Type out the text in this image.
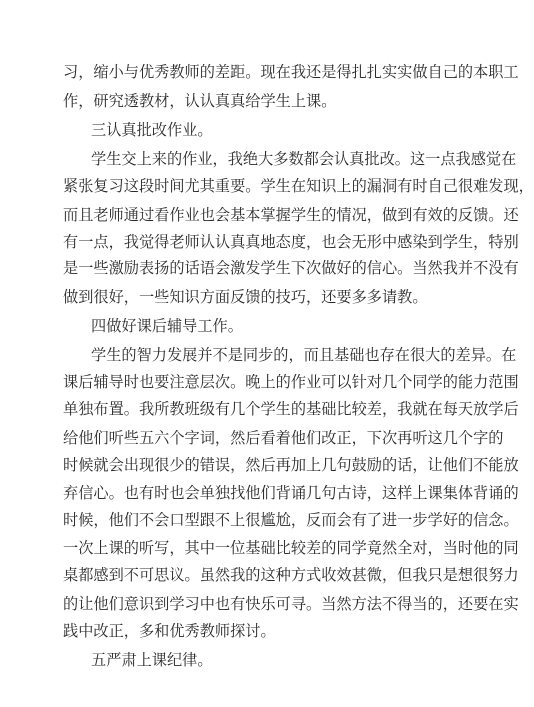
习，缩小与优秀教师的差距。现在我还是得扎扎实实做自己的本职工
作，研究透教材，认认真真给学生上课。
三认真批改作业。
学生交上来的作业，我绝大多数都会认真批改。这一点我感觉在
紧张复习这段时间尤其重要。学生在知识上的漏洞有时自己很难发现，
而且老师通过看作业也会基本掌握学生的情况，做到有效的反馈。还
有一点，我觉得老师认认真真地态度，也会无形中感染到学生，特别
是一些激励表扬的话语会激发学生下次做好的信心。当然我并不没有
做到很好，一些知识方面反馈的技巧，还要多多请教。
四做好课后辅导工作。
学生的智力发展并不是同步的，而且基础也存在很大的差异。在
课后辅导时也要注意层次。晚上的作业可以针对几个同学的能力范围
单独布置。我所教班级有几个学生的基础比较差，我就在每天放学后
给他们听些五六个字词，然后看着他们改正，下次再听这几个字的
时候就会出现很少的错误，然后再加上几句鼓励的话，让他们不能放
弃信心。也有时也会单独找他们背诵几句古诗，这样上课集体背诵的
时候，他们不会口型跟不上很尴尬，反而会有了进一步学好的信念。
一次上课的听写，其中一位基础比较差的同学竟然全对，当时他的同
桌都感到不可思议。虽然我的这种方式收效甚微，但我只是想很努力
的让他们意识到学习中也有快乐可寻。当然方法不得当的，还要在实
践中改正，多和优秀教师探讨。
五严肃上课纪律。
